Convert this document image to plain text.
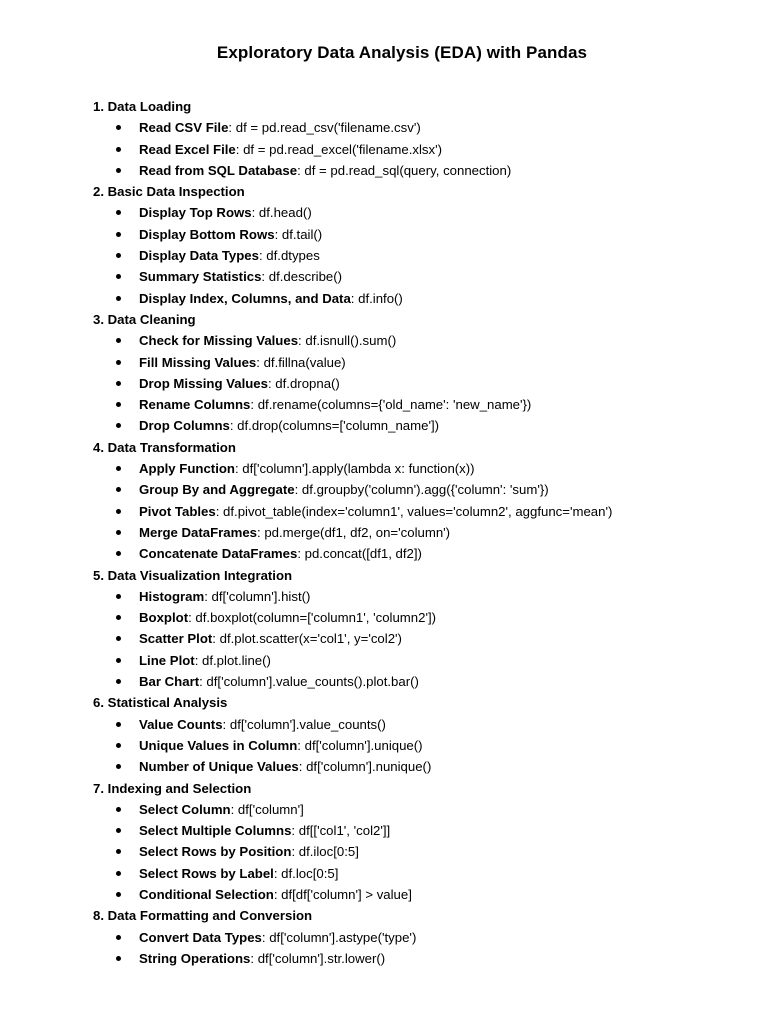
Exploratory Data Analysis (EDA) with Pandas
1. Data Loading
Read CSV File: df = pd.read_csv('filename.csv')
Read Excel File: df = pd.read_excel('filename.xlsx')
Read from SQL Database: df = pd.read_sql(query, connection)
2. Basic Data Inspection
Display Top Rows: df.head()
Display Bottom Rows: df.tail()
Display Data Types: df.dtypes
Summary Statistics: df.describe()
Display Index, Columns, and Data: df.info()
3. Data Cleaning
Check for Missing Values: df.isnull().sum()
Fill Missing Values: df.fillna(value)
Drop Missing Values: df.dropna()
Rename Columns: df.rename(columns={'old_name': 'new_name'})
Drop Columns: df.drop(columns=['column_name'])
4. Data Transformation
Apply Function: df['column'].apply(lambda x: function(x))
Group By and Aggregate: df.groupby('column').agg({'column': 'sum'})
Pivot Tables: df.pivot_table(index='column1', values='column2', aggfunc='mean')
Merge DataFrames: pd.merge(df1, df2, on='column')
Concatenate DataFrames: pd.concat([df1, df2])
5. Data Visualization Integration
Histogram: df['column'].hist()
Boxplot: df.boxplot(column=['column1', 'column2'])
Scatter Plot: df.plot.scatter(x='col1', y='col2')
Line Plot: df.plot.line()
Bar Chart: df['column'].value_counts().plot.bar()
6. Statistical Analysis
Value Counts: df['column'].value_counts()
Unique Values in Column: df['column'].unique()
Number of Unique Values: df['column'].nunique()
7. Indexing and Selection
Select Column: df['column']
Select Multiple Columns: df[['col1', 'col2']]
Select Rows by Position: df.iloc[0:5]
Select Rows by Label: df.loc[0:5]
Conditional Selection: df[df['column'] > value]
8. Data Formatting and Conversion
Convert Data Types: df['column'].astype('type')
String Operations: df['column'].str.lower()
